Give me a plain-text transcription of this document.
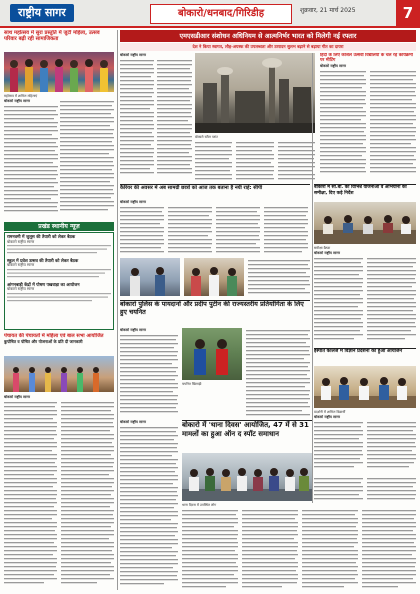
राष्ट्रीय सागर	बोकारो/धनबाद/गिरिडीह	शुक्रवार, 21 मार्च 2025	7
साथ महोत्सव में सुरा प्रस्तुति में जुटी महिला, उत्सव परिवार बढ़ी रही सामाजिकता
महोत्सव में शामिल महिलाएं
बोकारो राष्ट्रीय सागर
प्रखंड स्थानीय न्यूज़
रामनवमी में जुलूस की तैयारी को लेकर बैठक
बोकारो राष्ट्रीय सागर
स्कूल में प्रवेश उत्सव की तैयारी को लेकर बैठक
बोकारो राष्ट्रीय सागर
आंगनबाड़ी केंद्रों में पोषण पखवाड़ा का आयोजन
बोकारो राष्ट्रीय सागर
पंचायत की पंचायतों में महिला एवं बाल सभा आयोजित
कुपोषित व पोषित और योजनाओं के प्रति दी जानकारी
बोकारो राष्ट्रीय सागर
एमएसडीआर संशोधन अधिनियम से आत्मनिर्भर भारत को मिलेगी नई रफ्तार
देश ने किया स्वागत, लौह-अयस्क की उपलब्धता और उत्पादन सुलभ बढ़ाने से बढ़ाया गीत का दायरा
बोकारो राष्ट्रीय सागर
बोकारो स्टील प्लांट
हिंदी के लिए कौशल उत्सवी विद्यालयों के चल रहे कार्यक्रमों पर मीटिंग
बोकारो राष्ट्रीय सागर
कैरियर की अवसर में अब सामग्री छात्रों को आज तक बताना है नयी राहें: सीपी
बोकारो राष्ट्रीय सागर
बोकारो में सी.बी. की विभिन्न योजनाओं व अभियानों की समीक्षा, दिए कड़े निर्देश
समीक्षा बैठक
बोकारो राष्ट्रीय सागर
बोकारो पुलिस के पायदानों और प्रदीप पुटीन की राज्यस्तरीय प्रतियोगिता के लिए हुए चयनित
बोकारो राष्ट्रीय सागर
चयनित खिलाड़ी
इस्पात कॉलेज में विज्ञान प्रदर्शनी का हुआ आयोजन
प्रदर्शनी में शामिल विद्यार्थी
बोकारो राष्ट्रीय सागर
बोकारो में 'थाना दिवस' आयोजित, 47 में से 31 मामलों का हुआ ऑन द स्पॉट समाधान
बोकारो राष्ट्रीय सागर
थाना दिवस में उपस्थित लोग
